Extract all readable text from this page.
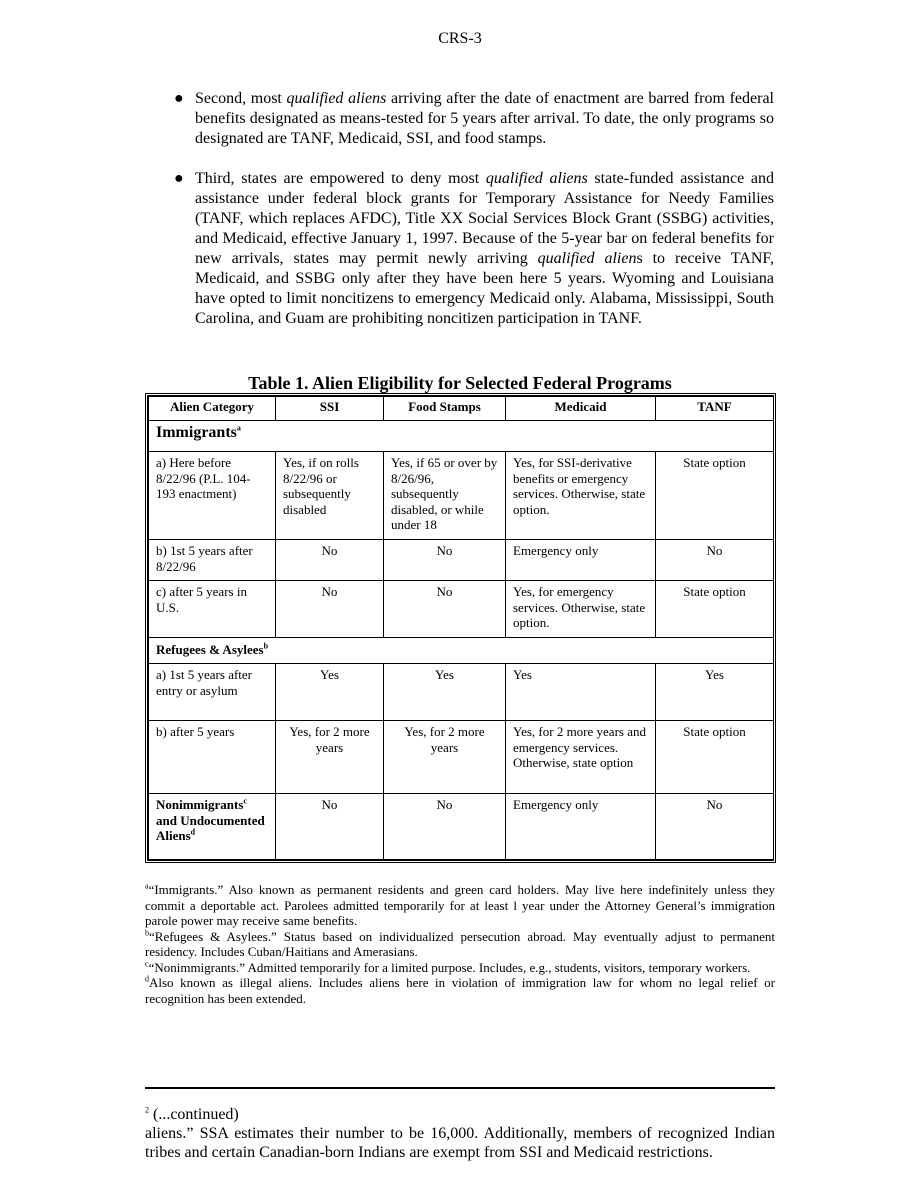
CRS-3
● Second, most qualified aliens arriving after the date of enactment are barred from federal benefits designated as means-tested for 5 years after arrival. To date, the only programs so designated are TANF, Medicaid, SSI, and food stamps.
● Third, states are empowered to deny most qualified aliens state-funded assistance and assistance under federal block grants for Temporary Assistance for Needy Families (TANF, which replaces AFDC), Title XX Social Services Block Grant (SSBG) activities, and Medicaid, effective January 1, 1997. Because of the 5-year bar on federal benefits for new arrivals, states may permit newly arriving qualified aliens to receive TANF, Medicaid, and SSBG only after they have been here 5 years. Wyoming and Louisiana have opted to limit noncitizens to emergency Medicaid only. Alabama, Mississippi, South Carolina, and Guam are prohibiting noncitizen participation in TANF.
Table 1. Alien Eligibility for Selected Federal Programs
Alien Category	SSI	Food Stamps	Medicaid	TANF
Immigrants$^a$
a) Here before 8/22/96 (P.L. 104-193 enactment)	Yes, if on rolls 8/22/96 or subsequently disabled	Yes, if 65 or over by 8/26/96, subsequently disabled, or while under 18	Yes, for SSI-derivative benefits or emergency services. Otherwise, state option.	State option
b) 1st 5 years after 8/22/96	No	No	Emergency only	No
c) after 5 years in U.S.	No	No	Yes, for emergency services. Otherwise, state option.	State option
Refugees & Asylees$^b$
a) 1st 5 years after entry or asylum	Yes	Yes	Yes	Yes
b) after 5 years	Yes, for 2 more years	Yes, for 2 more years	Yes, for 2 more years and emergency services. Otherwise, state option	State option
Nonimmigrants$^c$ and Undocumented Aliens$^d$	No	No	Emergency only	No

$^a$“Immigrants.” Also known as permanent residents and green card holders. May live here indefinitely unless they commit a deportable act. Parolees admitted temporarily for at least l year under the Attorney General’s immigration parole power may receive same benefits.

$^b$“Refugees & Asylees.” Status based on individualized persecution abroad. May eventually adjust to permanent residency. Includes Cuban/Haitians and Amerasians.

$^c$“Nonimmigrants.” Admitted temporarily for a limited purpose. Includes, e.g., students, visitors, temporary workers.

$^d$Also known as illegal aliens. Includes aliens here in violation of immigration law for whom no legal relief or recognition has been extended.

$^2$ (...continued)

aliens.” SSA estimates their number to be 16,000. Additionally, members of recognized Indian tribes and certain Canadian-born Indians are exempt from SSI and Medicaid restrictions.
